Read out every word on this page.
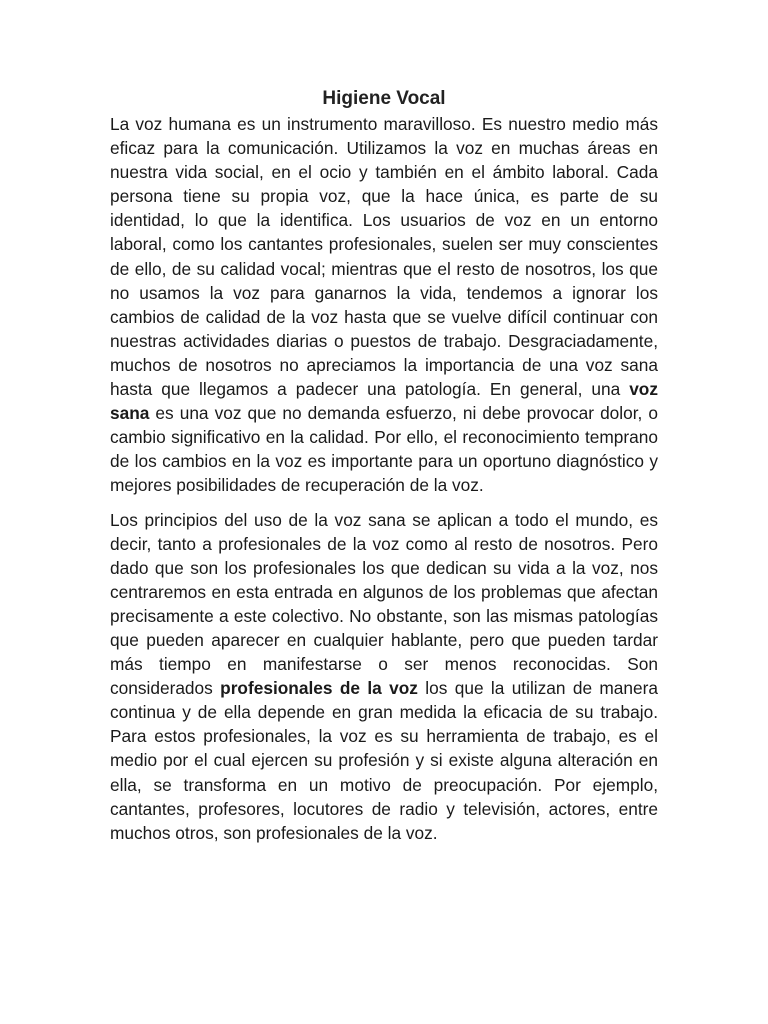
Higiene Vocal

La voz humana es un instrumento maravilloso. Es nuestro medio más eficaz para la comunicación. Utilizamos la voz en muchas áreas en nuestra vida social, en el ocio y también en el ámbito laboral. Cada persona tiene su propia voz, que la hace única, es parte de su identidad, lo que la identifica. Los usuarios de voz en un entorno laboral, como los cantantes profesionales, suelen ser muy conscientes de ello, de su calidad vocal; mientras que el resto de nosotros, los que no usamos la voz para ganarnos la vida, tendemos a ignorar los cambios de calidad de la voz hasta que se vuelve difícil continuar con nuestras actividades diarias o puestos de trabajo. Desgraciadamente, muchos de nosotros no apreciamos la importancia de una voz sana hasta que llegamos a padecer una patología. En general, una voz sana es una voz que no demanda esfuerzo, ni debe provocar dolor, o cambio significativo en la calidad. Por ello, el reconocimiento temprano de los cambios en la voz es importante para un oportuno diagnóstico y mejores posibilidades de recuperación de la voz.

Los principios del uso de la voz sana se aplican a todo el mundo, es decir, tanto a profesionales de la voz como al resto de nosotros. Pero dado que son los profesionales los que dedican su vida a la voz, nos centraremos en esta entrada en algunos de los problemas que afectan precisamente a este colectivo. No obstante, son las mismas patologías que pueden aparecer en cualquier hablante, pero que pueden tardar más tiempo en manifestarse o ser menos reconocidas. Son considerados profesionales de la voz los que la utilizan de manera continua y de ella depende en gran medida la eficacia de su trabajo. Para estos profesionales, la voz es su herramienta de trabajo, es el medio por el cual ejercen su profesión y si existe alguna alteración en ella, se transforma en un motivo de preocupación. Por ejemplo, cantantes, profesores, locutores de radio y televisión, actores, entre muchos otros, son profesionales de la voz.
